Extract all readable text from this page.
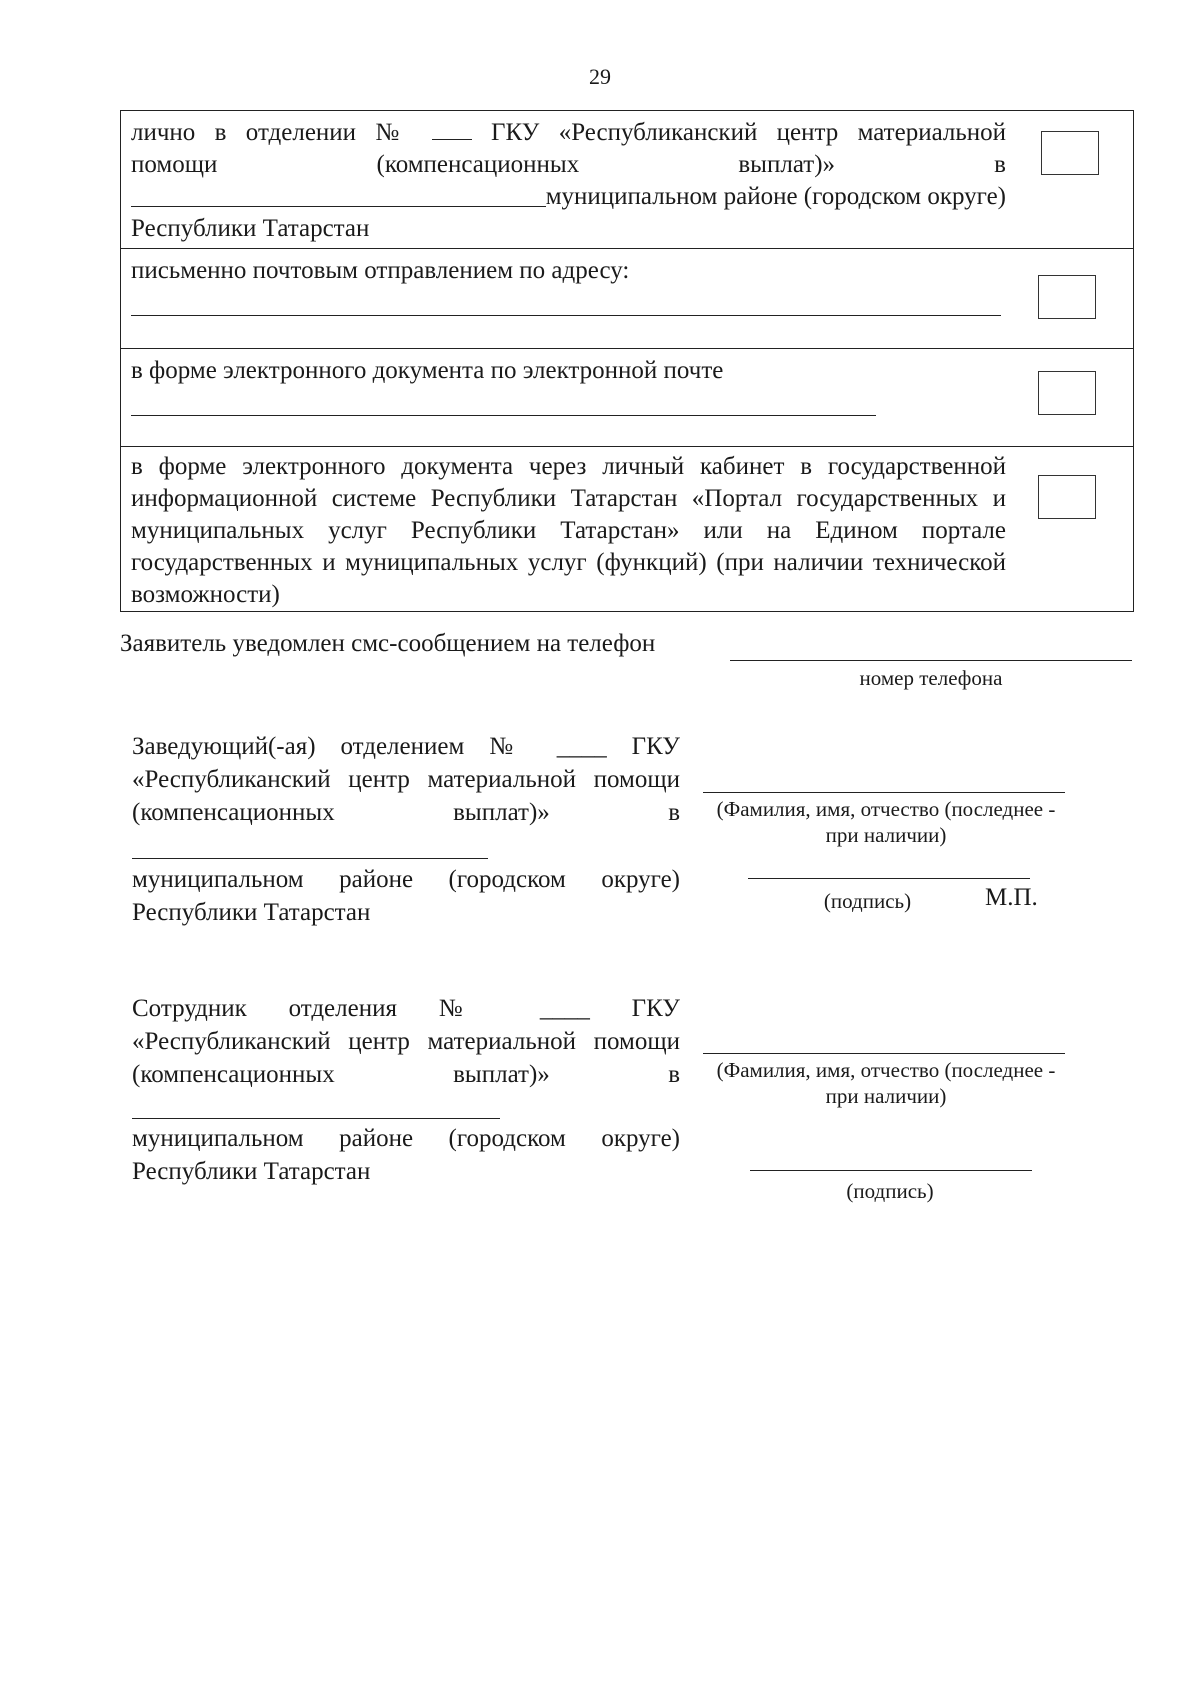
29
лично в отделении №	ГКУ «Республиканский центр материальной
помощи (компенсационных выплат)» в
муниципальном районе (городском округе)
Республики Татарстан
письменно почтовым отправлением по адресу:
в форме электронного документа по электронной почте
в форме электронного документа через личный кабинет в государственной информационной системе Республики Татарстан «Портал государственных и муниципальных услуг Республики Татарстан» или на Едином портале государственных и муниципальных услуг (функций) (при наличии технической возможности)
Заявитель уведомлен смс-сообщением на телефон
номер телефона
Заведующий(-ая) отделением № ____ ГКУ «Республиканский центр материальной помощи (компенсационных выплат)» в
муниципальном районе (городском округе) Республики Татарстан
(Фамилия, имя, отчество (последнее - при наличии)
(подпись)	М.П.
Сотрудник отделения № ____ ГКУ «Республиканский центр материальной помощи (компенсационных выплат)» в
муниципальном районе (городском округе) Республики Татарстан
(Фамилия, имя, отчество (последнее - при наличии)
(подпись)
